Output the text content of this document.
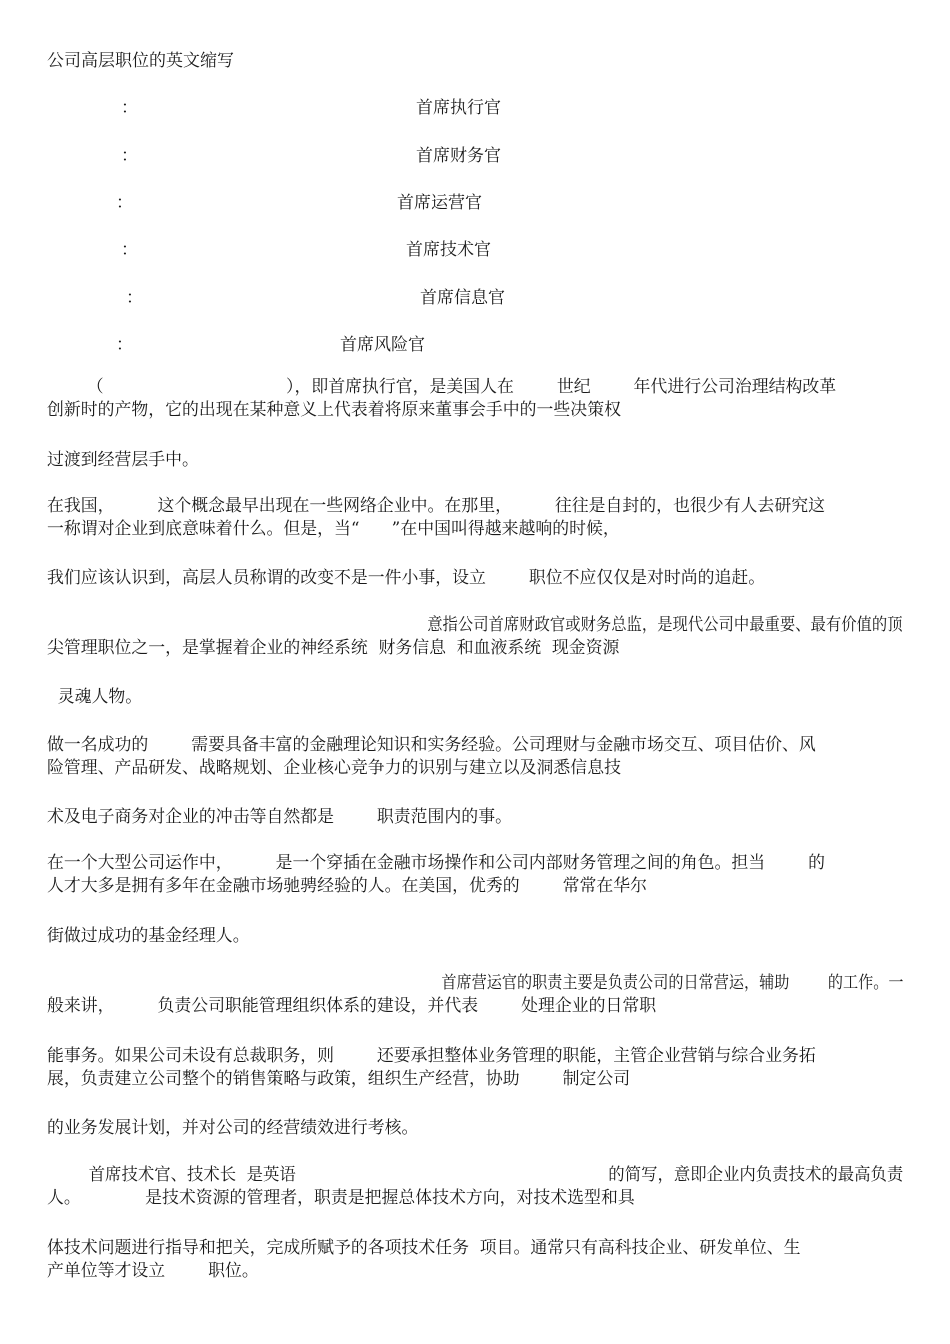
公司高层职位的英文缩写
：	首席执行官
：	首席财务官
：	首席运营官
：	首席技术官
：	首席信息官
：	首席风险官
（                                  ），即首席执行官，是美国人在        世纪        年代进行公司治理结构改革
创新时的产物，它的出现在某种意义上代表着将原来董事会手中的一些决策权
过渡到经营层手中。
在我国，        这个概念最早出现在一些网络企业中。在那里，        往往是自封的，也很少有人去研究这
一称谓对企业到底意味着什么。但是，当“      ”在中国叫得越来越响的时候，
我们应该认识到，高层人员称谓的改变不是一件小事，设立        职位不应仅仅是对时尚的追赶。
意指公司首席财政官或财务总监，是现代公司中最重要、最有价值的顶
尖管理职位之一，是掌握着企业的神经系统  财务信息  和血液系统  现金资源
灵魂人物。
做一名成功的        需要具备丰富的金融理论知识和实务经验。公司理财与金融市场交互、项目估价、风
险管理、产品研发、战略规划、企业核心竞争力的识别与建立以及洞悉信息技
术及电子商务对企业的冲击等自然都是        职责范围内的事。
在一个大型公司运作中，        是一个穿插在金融市场操作和公司内部财务管理之间的角色。担当        的
人才大多是拥有多年在金融市场驰骋经验的人。在美国，优秀的        常常在华尔
街做过成功的基金经理人。
首席营运官的职责主要是负责公司的日常营运，辅助        的工作。一
般来讲，        负责公司职能管理组织体系的建设，并代表        处理企业的日常职
能事务。如果公司未设有总裁职务，则        还要承担整体业务管理的职能，主管企业营销与综合业务拓
展，负责建立公司整个的销售策略与政策，组织生产经营，协助        制定公司
的业务发展计划，并对公司的经营绩效进行考核。
首席技术官、技术长  是英语                                                            的简写，意即企业内负责技术的最高负责
人。            是技术资源的管理者，职责是把握总体技术方向，对技术选型和具
体技术问题进行指导和把关，完成所赋予的各项技术任务  项目。通常只有高科技企业、研发单位、生
产单位等才设立        职位。
